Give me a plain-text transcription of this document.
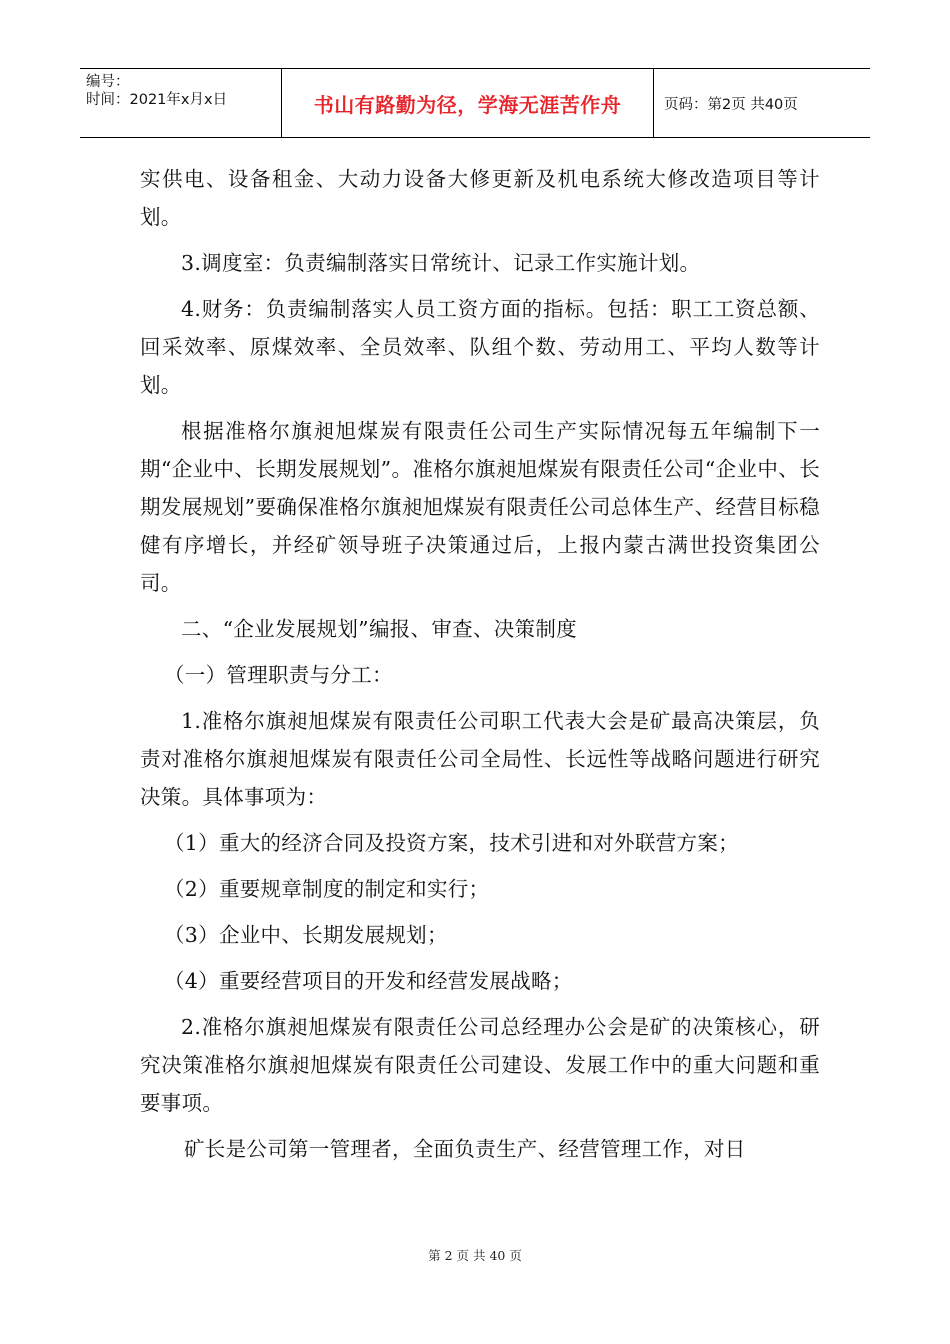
编号：
时间：2021年x月x日	书山有路勤为径，学海无涯苦作舟	页码：第2页 共40页

实供电、设备租金、大动力设备大修更新及机电系统大修改造项目等计划。

3.调度室：负责编制落实日常统计、记录工作实施计划。

4.财务：负责编制落实人员工资方面的指标。包括：职工工资总额、回采效率、原煤效率、全员效率、队组个数、劳动用工、平均人数等计划。

根据准格尔旗昶旭煤炭有限责任公司生产实际情况每五年编制下一期“企业中、长期发展规划”。准格尔旗昶旭煤炭有限责任公司“企业中、长期发展规划”要确保准格尔旗昶旭煤炭有限责任公司总体生产、经营目标稳健有序增长，并经矿领导班子决策通过后，上报内蒙古满世投资集团公司。

二、“企业发展规划”编报、审查、决策制度

（一）管理职责与分工：

1.准格尔旗昶旭煤炭有限责任公司职工代表大会是矿最高决策层，负责对准格尔旗昶旭煤炭有限责任公司全局性、长远性等战略问题进行研究决策。具体事项为：

（1）重大的经济合同及投资方案，技术引进和对外联营方案；

（2）重要规章制度的制定和实行；

（3）企业中、长期发展规划；

（4）重要经营项目的开发和经营发展战略；

2.准格尔旗昶旭煤炭有限责任公司总经理办公会是矿的决策核心，研究决策准格尔旗昶旭煤炭有限责任公司建设、发展工作中的重大问题和重要事项。

矿长是公司第一管理者，全面负责生产、经营管理工作，对日

第 2 页 共 40 页
